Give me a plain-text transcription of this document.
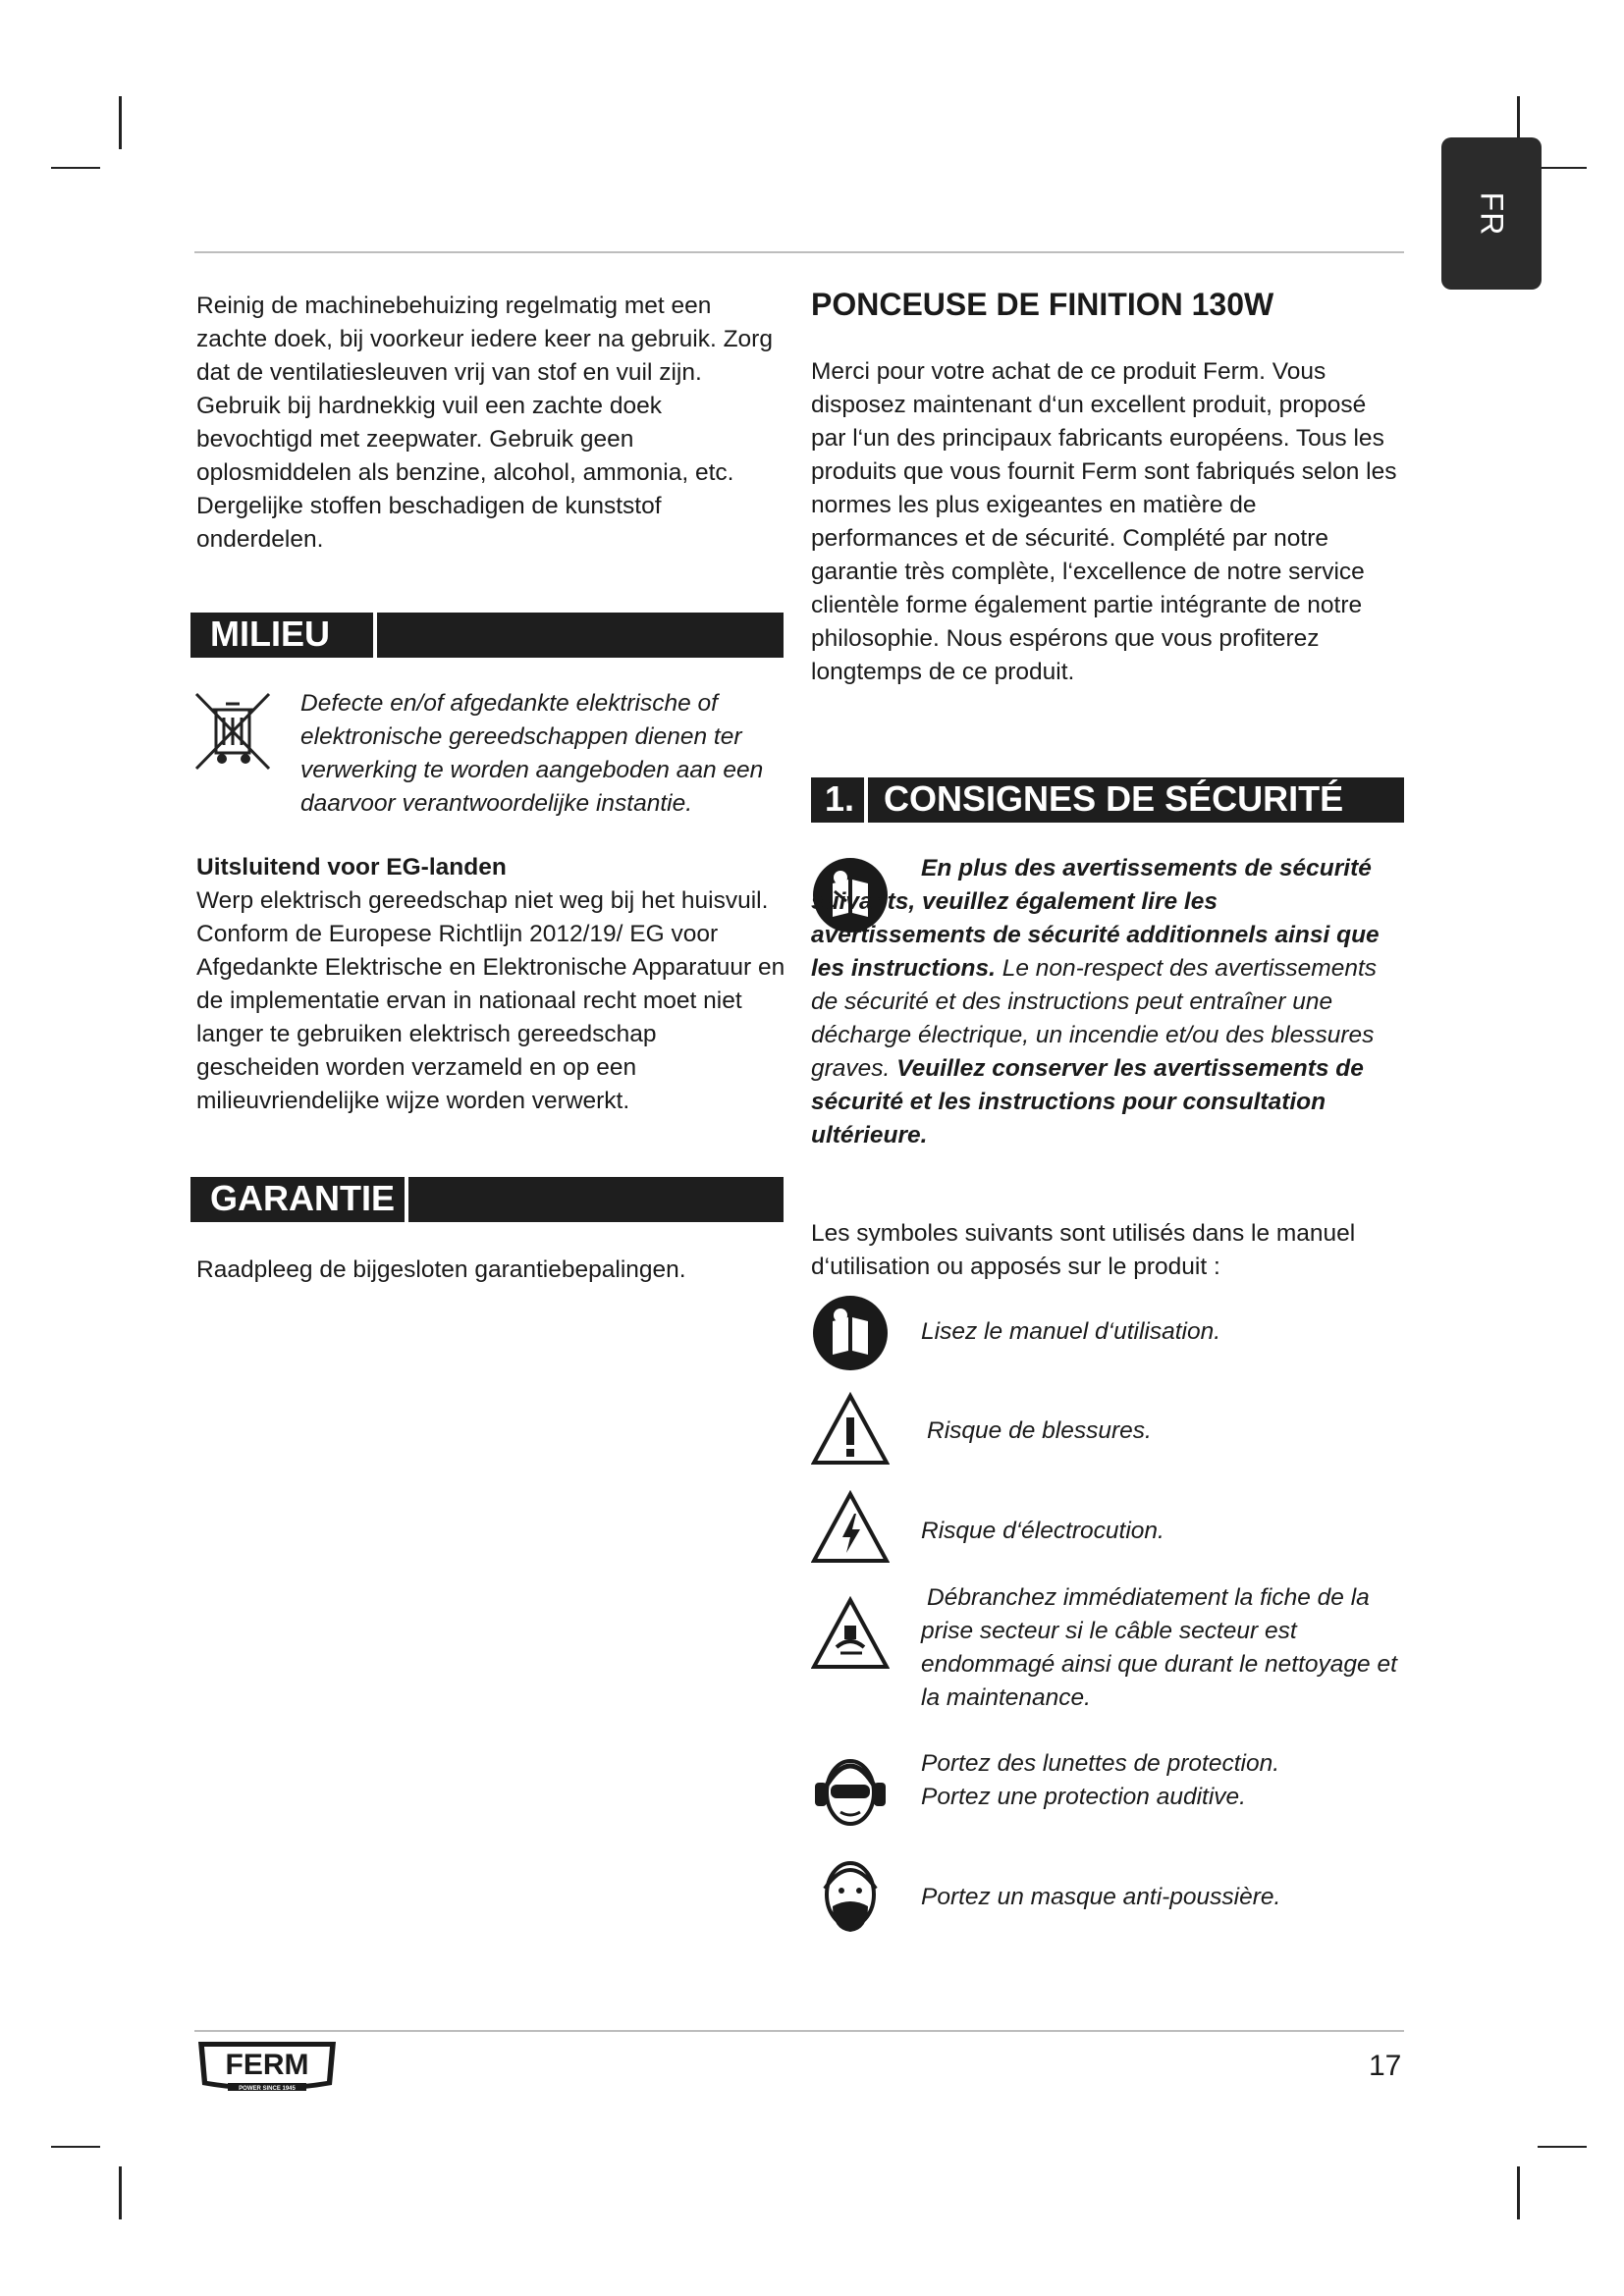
FR

Reinig de machinebehuizing regelmatig met een zachte doek, bij voorkeur iedere keer na gebruik. Zorg dat de ventilatiesleuven vrij van stof en vuil zijn. Gebruik bij hardnekkig vuil een zachte doek bevochtigd met zeepwater. Gebruik geen oplosmiddelen als benzine, alcohol, ammonia, etc. Dergelijke stoffen beschadigen de kunststof onderdelen.

MILIEU

Defecte en/of afgedankte elektrische of elektronische gereedschappen dienen ter verwerking te worden aangeboden aan een daarvoor verantwoordelijke instantie.

Uitsluitend voor EG-landen

Werp elektrisch gereedschap niet weg bij het huisvuil. Conform de Europese Richtlijn 2012/19/ EG voor Afgedankte Elektrische en Elektronische Apparatuur en de implementatie ervan in nationaal recht moet niet langer te gebruiken elektrisch gereedschap gescheiden worden verzameld en op een milieuvriendelijke wijze worden verwerkt.

GARANTIE

Raadpleeg de bijgesloten garantiebepalingen.

PONCEUSE DE FINITION 130W

Merci pour votre achat de ce produit Ferm. Vous disposez maintenant d‘un excellent produit, proposé par l‘un des principaux fabricants européens. Tous les produits que vous fournit Ferm sont fabriqués selon les normes les plus exigeantes en matière de performances et de sécurité. Complété par notre garantie très complète, l‘excellence de notre service clientèle forme également partie intégrante de notre philosophie. Nous espérons que vous profiterez longtemps de ce produit.

1. CONSIGNES DE SÉCURITÉ

En plus des avertissements de sécurité suivants, veuillez également lire les avertissements de sécurité additionnels ainsi que les instructions. Le non-respect des avertissements de sécurité et des instructions peut entraîner une décharge électrique, un incendie et/ou des blessures graves. Veuillez conserver les avertissements de sécurité et les instructions pour consultation ultérieure.

Les symboles suivants sont utilisés dans le manuel d‘utilisation ou apposés sur le produit :

Lisez le manuel d‘utilisation.
Risque de blessures.
Risque d‘électrocution.
Débranchez immédiatement la fiche de la prise secteur si le câble secteur est endommagé ainsi que durant le nettoyage et la maintenance.
Portez des lunettes de protection. Portez une protection auditive.
Portez un masque anti-poussière.
FERM
POWER SINCE 1945
17
